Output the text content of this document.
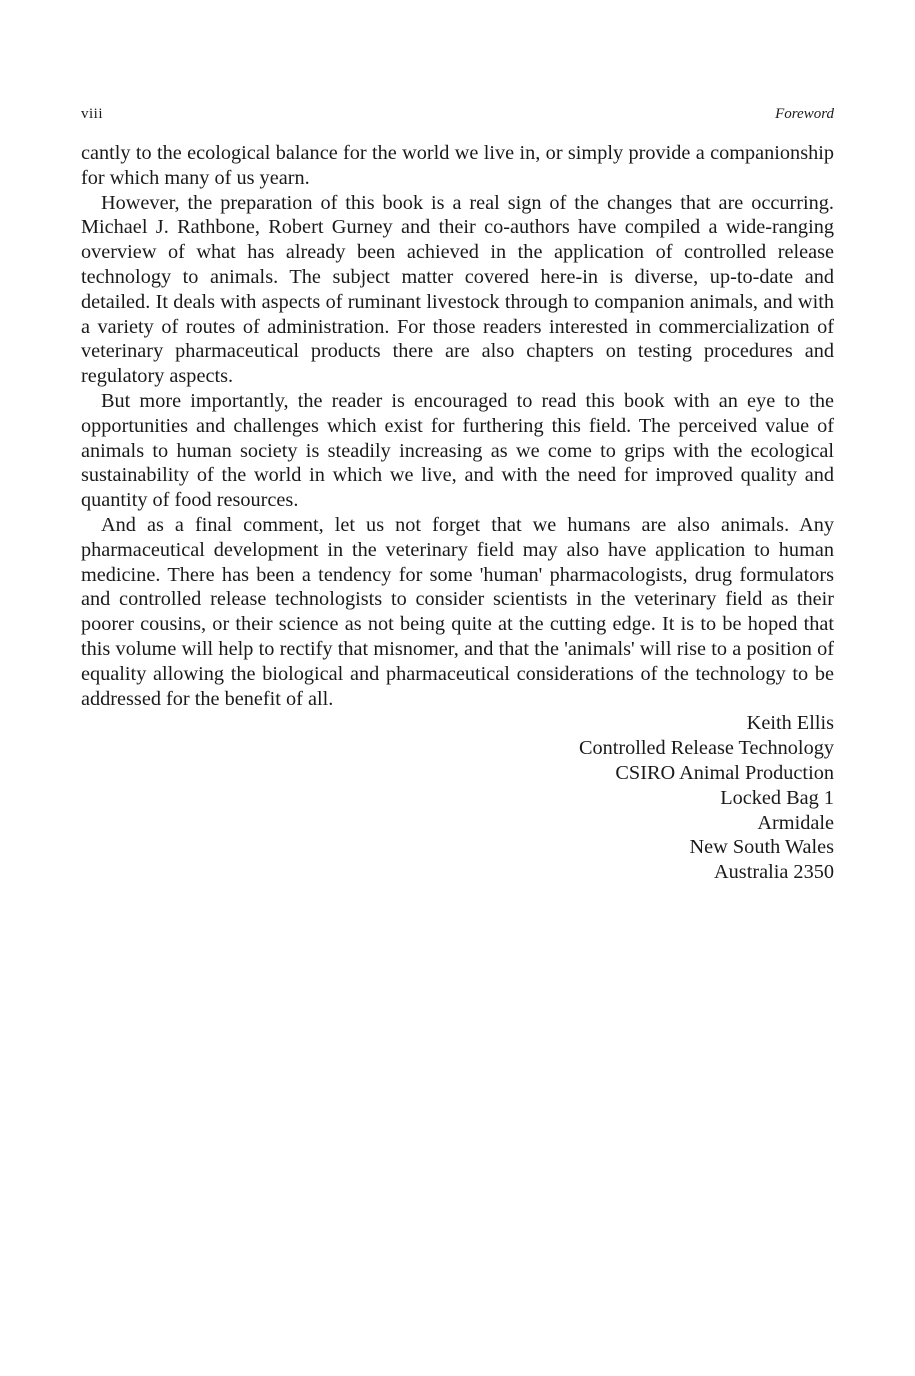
viii	Foreword

cantly to the ecological balance for the world we live in, or simply provide a companionship for which many of us yearn.

However, the preparation of this book is a real sign of the changes that are occurring. Michael J. Rathbone, Robert Gurney and their co-authors have compiled a wide-ranging overview of what has already been achieved in the application of controlled release technology to animals. The subject matter covered here-in is diverse, up-to-date and detailed. It deals with aspects of ruminant livestock through to companion animals, and with a variety of routes of administration. For those readers interested in commercialization of veterinary pharmaceutical products there are also chapters on testing procedures and regulatory aspects.

But more importantly, the reader is encouraged to read this book with an eye to the opportunities and challenges which exist for furthering this field. The perceived value of animals to human society is steadily increasing as we come to grips with the ecological sustainability of the world in which we live, and with the need for improved quality and quantity of food resources.

And as a final comment, let us not forget that we humans are also animals. Any pharmaceutical development in the veterinary field may also have application to human medicine. There has been a tendency for some 'human' pharmacologists, drug formulators and controlled release technologists to consider scientists in the veterinary field as their poorer cousins, or their science as not being quite at the cutting edge. It is to be hoped that this volume will help to rectify that misnomer, and that the 'animals' will rise to a position of equality allowing the biological and pharmaceutical considerations of the technology to be addressed for the benefit of all.

Keith Ellis
Controlled Release Technology
CSIRO Animal Production
Locked Bag 1
Armidale
New South Wales
Australia 2350
